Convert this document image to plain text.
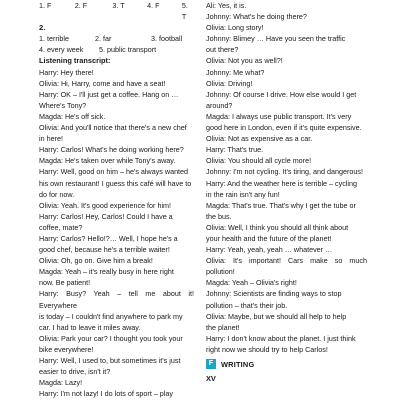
1. F	2. F	3. T	4. F	5. T
2.
1. terrible	2. far	3. football
4. every week	5. public transport
Listening transcript:

Harry: Hey there!

Olivia: Hi, Harry, come and have a seat!

Harry: OK – I'll just get a coffee. Hang on …

Where's Tony?

Magda: He's off sick.

Olivia: And you'll notice that there's a new chef

in here!

Harry: Carlos! What's he doing working here?

Magda: He's taken over while Tony's away.

Harry: Well, good on him – he's always wanted

his own restaurant! I guess this café will have to

do for now.

Olivia: Yeah. It's good experience for him!

Harry: Carlos! Hey, Carlos! Could I have a

coffee, mate?

Harry: Carlos? Hello!?… Well, I hope he's a

good chef, because he's a terrible waiter!

Olivia: Oh, go on. Give him a break!

Magda: Yeah – it's really busy in here right

now. Be patient!

Harry: Busy? Yeah – tell me about it! Everywhere

is today – I couldn't find anywhere to park my

car. I had to leave it miles away.

Olivia: Park your car? I thought you took your

bike everywhere!

Harry: Well, I used to, but sometimes it's just

easier to drive, isn't it?

Magda: Lazy!

Harry: I'm not lazy! I do lots of sport – play

Ali: Yes, it is.

Johnny: What's he doing there?

Olivia: Long story!

Johnny: Blimey … Have you seen the traffic

out there?

Olivia: Not you as well?!

Johnny: Me what?

Olivia: Driving!

Johnny: Of course I drive. How else would I get

around?

Magda: I always use public transport. It's very

good here in London, even if it's quite expensive.

Olivia: Not as expensive as a car.

Harry: That's true.

Olivia: You should all cycle more!

Johnny: I'm not cycling. It's tiring, and dangerous!

Harry: And the weather here is terrible – cycling

in the rain isn't any fun!

Magda: That's true. That's why I get the tube or

the bus.

Olivia: Well, I think you should all think about

your health and the future of the planet!

Harry: Yeah, yeah, yeah … whatever …

Olivia: It's important! Cars make so much pollution!

Magda: Yeah – Olivia's right!

Johnny: Scientists are finding ways to stop

pollution – that's their job.

Olivia: Maybe, but we should all help to help

the planet!

Harry: I don't know about the planet. I just think

right now we should try to help Carlos!

F	WRITING
XV
